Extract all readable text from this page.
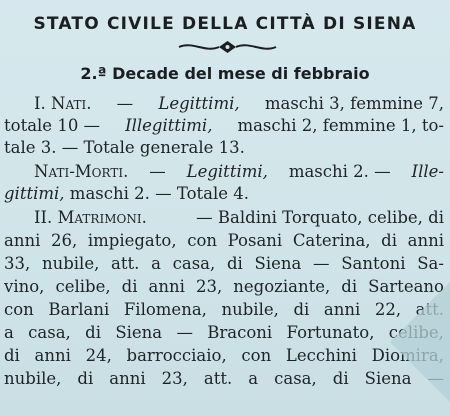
STATO CIVILE DELLA CITTÀ DI SIENA
2.ª Decade del mese di febbraio
I. Nati. — Legittimi, maschi 3, femmine 7,
totale 10 — Illegittimi, maschi 2, femmine 1, to-
tale 3. — Totale generale 13.
Nati-Morti. — Legittimi, maschi 2. — Ille-
gittimi, maschi 2. — Totale 4.
II. Matrimoni.	— Baldini Torquato, celibe, di
anni 26, impiegato, con Posani Caterina, di anni
33, nubile, att. a casa, di Siena — Santoni Sa-
vino, celibe, di anni 23, negoziante, di Sarteano
con Barlani Filomena, nubile, di anni 22, att.
a casa, di Siena — Braconi Fortunato, celibe,
di anni 24, barrocciaio, con Lecchini Diomira,
nubile, di anni 23, att. a casa, di Siena —
